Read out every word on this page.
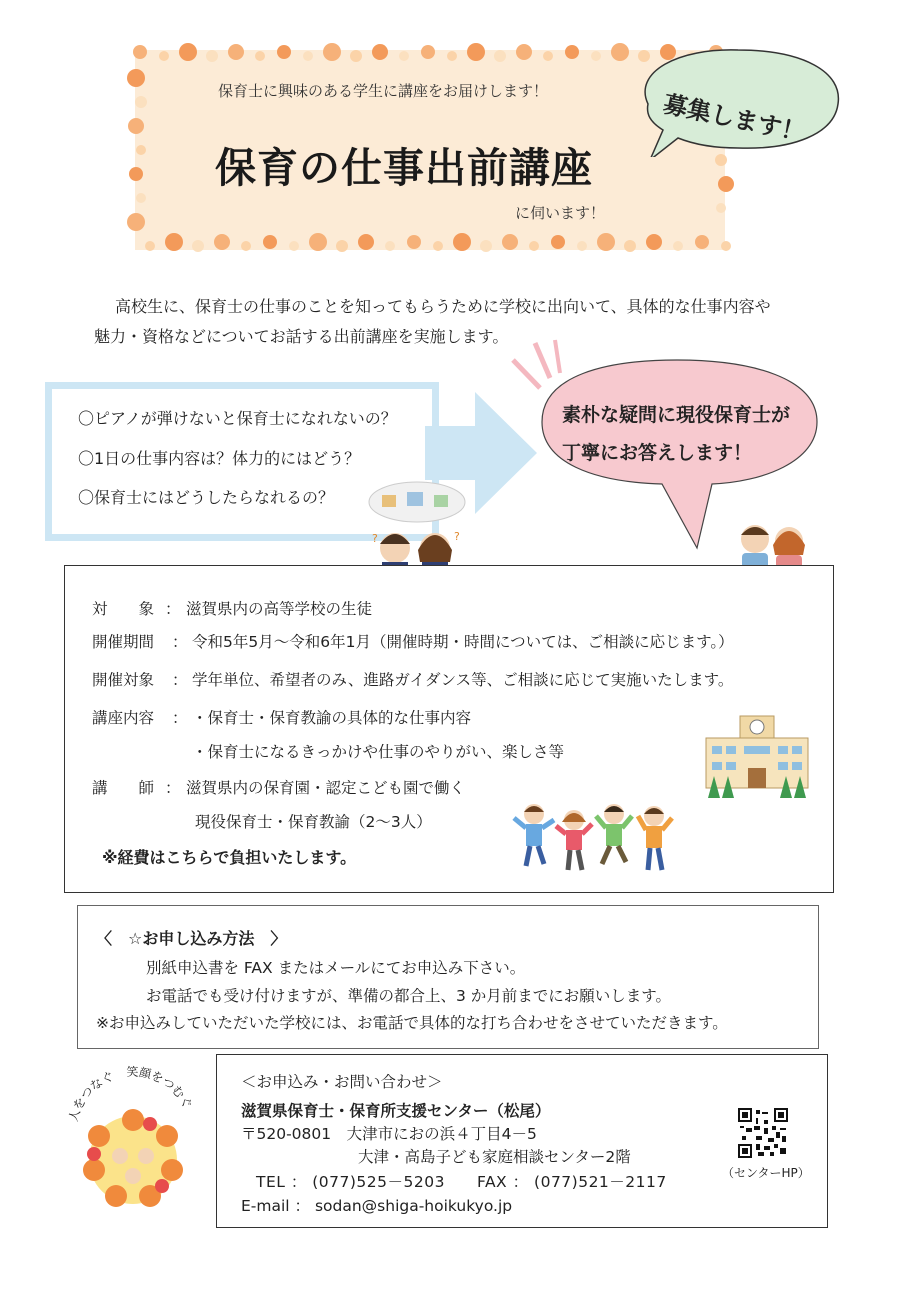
募集します！
保育士に興味のある学生に講座をお届けします！
保育の仕事出前講座
に伺います！
高校生に、保育士の仕事のことを知ってもらうために学校に出向いて、具体的な仕事内容や
魅力・資格などについてお話する出前講座を実施します。
〇ピアノが弾けないと保育士になれないの？
〇1日の仕事内容は？体力的にはどう？
〇保育士にはどうしたらなれるの？
素朴な疑問に現役保育士が
丁寧にお答えします！
?	?
対　　象 ： 滋賀県内の高等学校の生徒
開催期間 ： 令和5年5月～令和6年1月（開催時期・時間については、ご相談に応じます。）
開催対象 ： 学年単位、希望者のみ、進路ガイダンス等、ご相談に応じて実施いたします。
講座内容 ： ・保育士・保育教諭の具体的な仕事内容
・保育士になるきっかけや仕事のやりがい、楽しさ等
講　　師 ： 滋賀県内の保育園・認定こども園で働く
現役保育士・保育教諭（2～3人）
※経費はこちらで負担いたします。
〈　☆お申し込み方法　〉
別紙申込書を FAX またはメールにてお申込み下さい。
お電話でも受け付けますが、準備の都合上、3 か月前までにお願いします。
※お申込みしていただいた学校には、お電話で具体的な打ち合わせをさせていただきます。
人をつなぐ　笑顔をつむぐ
＜お申込み・お問い合わせ＞
滋賀県保育士・保育所支援センター（松尾）
〒520-0801　大津市におの浜４丁目4－5
大津・高島子ども家庭相談センター2階
TEL ： (077)525－5203　　FAX ： (077)521－2117
E-mail ： sodan@shiga-hoikukyo.jp
（センターHP）
